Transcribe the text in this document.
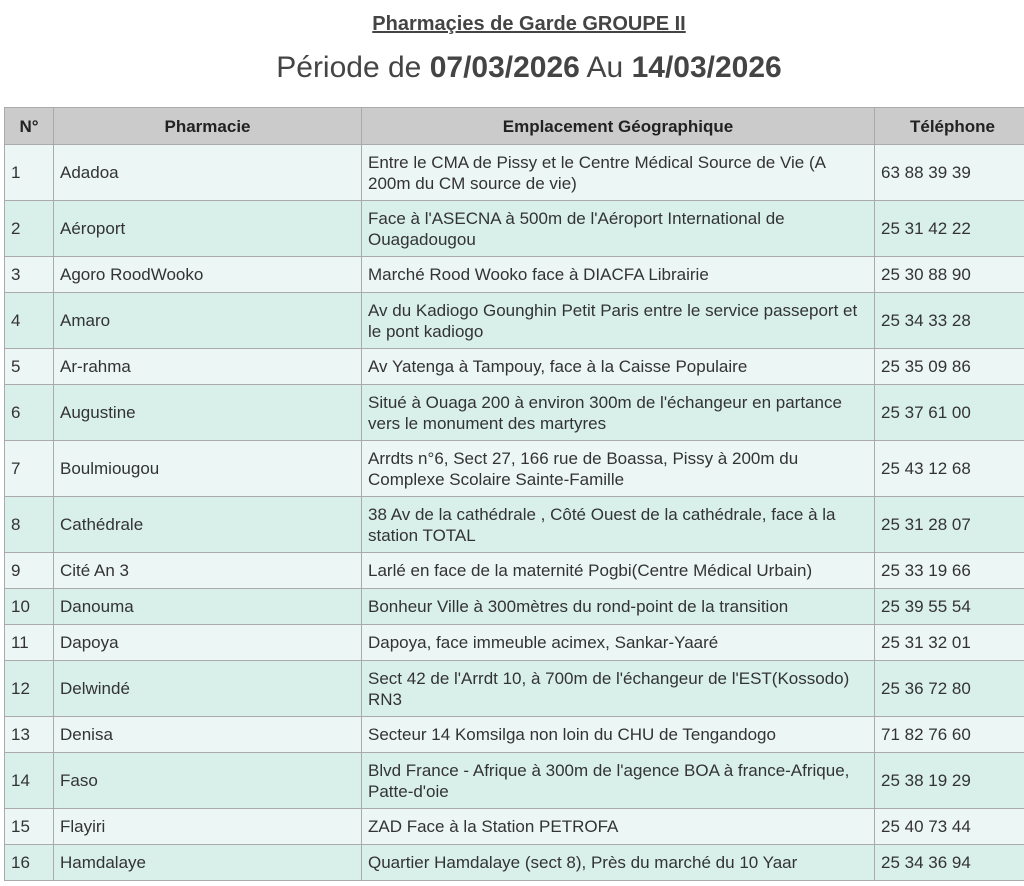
Pharmaçies de Garde GROUPE II
Période de 07/03/2026 Au 14/03/2026
N°	Pharmacie	Emplacement Géographique	Téléphone
1	Adadoa	Entre le CMA de Pissy et le Centre Médical Source de Vie (A 200m du CM source de vie)	63 88 39 39
2	Aéroport	Face à l'ASECNA à 500m de l'Aéroport International de Ouagadougou	25 31 42 22
3	Agoro RoodWooko	Marché Rood Wooko face à DIACFA Librairie	25 30 88 90
4	Amaro	Av du Kadiogo Gounghin Petit Paris entre le service passeport et le pont kadiogo	25 34 33 28
5	Ar-rahma	Av Yatenga à Tampouy, face à la Caisse Populaire	25 35 09 86
6	Augustine	Situé à Ouaga 200 à environ 300m de l'échangeur en partance vers le monument des martyres	25 37 61 00
7	Boulmiougou	Arrdts n°6, Sect 27, 166 rue de Boassa, Pissy à 200m du Complexe Scolaire Sainte-Famille	25 43 12 68
8	Cathédrale	38 Av de la cathédrale , Côté Ouest de la cathédrale, face à la station TOTAL	25 31 28 07
9	Cité An 3	Larlé en face de la maternité Pogbi(Centre Médical Urbain)	25 33 19 66
10	Danouma	Bonheur Ville à 300mètres du rond-point de la transition	25 39 55 54
11	Dapoya	Dapoya, face immeuble acimex, Sankar-Yaaré	25 31 32 01
12	Delwindé	Sect 42 de l'Arrdt 10, à 700m de l'échangeur de l'EST(Kossodo) RN3	25 36 72 80
13	Denisa	Secteur 14 Komsilga non loin du CHU de Tengandogo	71 82 76 60
14	Faso	Blvd France - Afrique à 300m de l'agence BOA à france-Afrique, Patte-d'oie	25 38 19 29
15	Flayiri	ZAD Face à la Station PETROFA	25 40 73 44
16	Hamdalaye	Quartier Hamdalaye (sect 8), Près du marché du 10 Yaar	25 34 36 94
